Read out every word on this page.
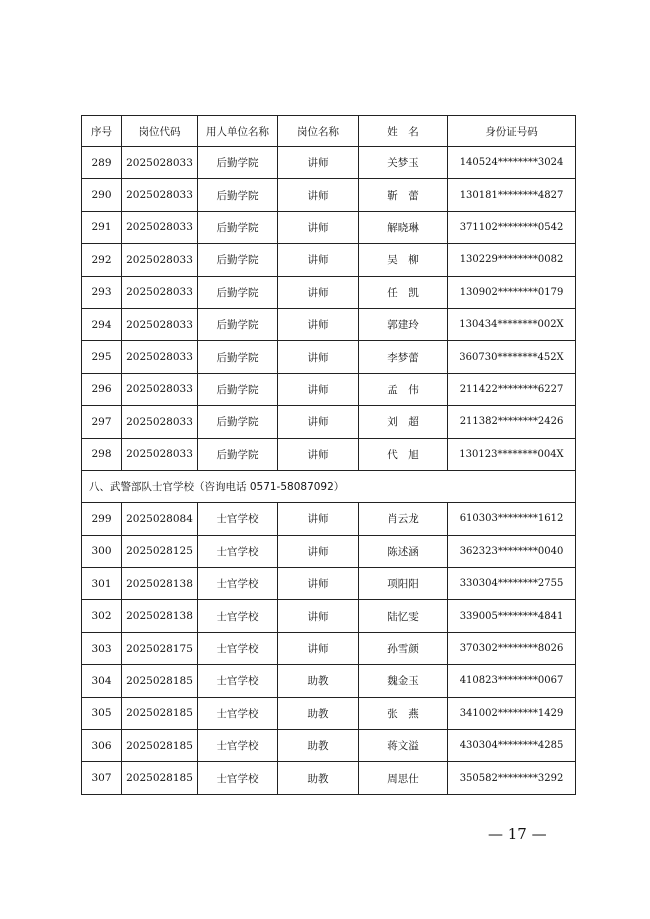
序号	岗位代码	用人单位名称	岗位名称	姓　名	身份证号码
289	2025028033	后勤学院	讲师	关梦玉	140524********3024
290	2025028033	后勤学院	讲师	靳　蕾	130181********4827
291	2025028033	后勤学院	讲师	解晓琳	371102********0542
292	2025028033	后勤学院	讲师	吴　柳	130229********0082
293	2025028033	后勤学院	讲师	任　凯	130902********0179
294	2025028033	后勤学院	讲师	郭建玲	130434********002X
295	2025028033	后勤学院	讲师	李梦蕾	360730********452X
296	2025028033	后勤学院	讲师	孟　伟	211422********6227
297	2025028033	后勤学院	讲师	刘　超	211382********2426
298	2025028033	后勤学院	讲师	代　旭	130123********004X
八、武警部队士官学校（咨询电话 0571-58087092）					
299	2025028084	士官学校	讲师	肖云龙	610303********1612
300	2025028125	士官学校	讲师	陈述涵	362323********0040
301	2025028138	士官学校	讲师	项阳阳	330304********2755
302	2025028138	士官学校	讲师	陆忆雯	339005********4841
303	2025028175	士官学校	讲师	孙雪颜	370302********8026
304	2025028185	士官学校	助教	魏金玉	410823********0067
305	2025028185	士官学校	助教	张　燕	341002********1429
306	2025028185	士官学校	助教	蒋文溢	430304********4285
307	2025028185	士官学校	助教	周思仕	350582********3292
— 17 —
